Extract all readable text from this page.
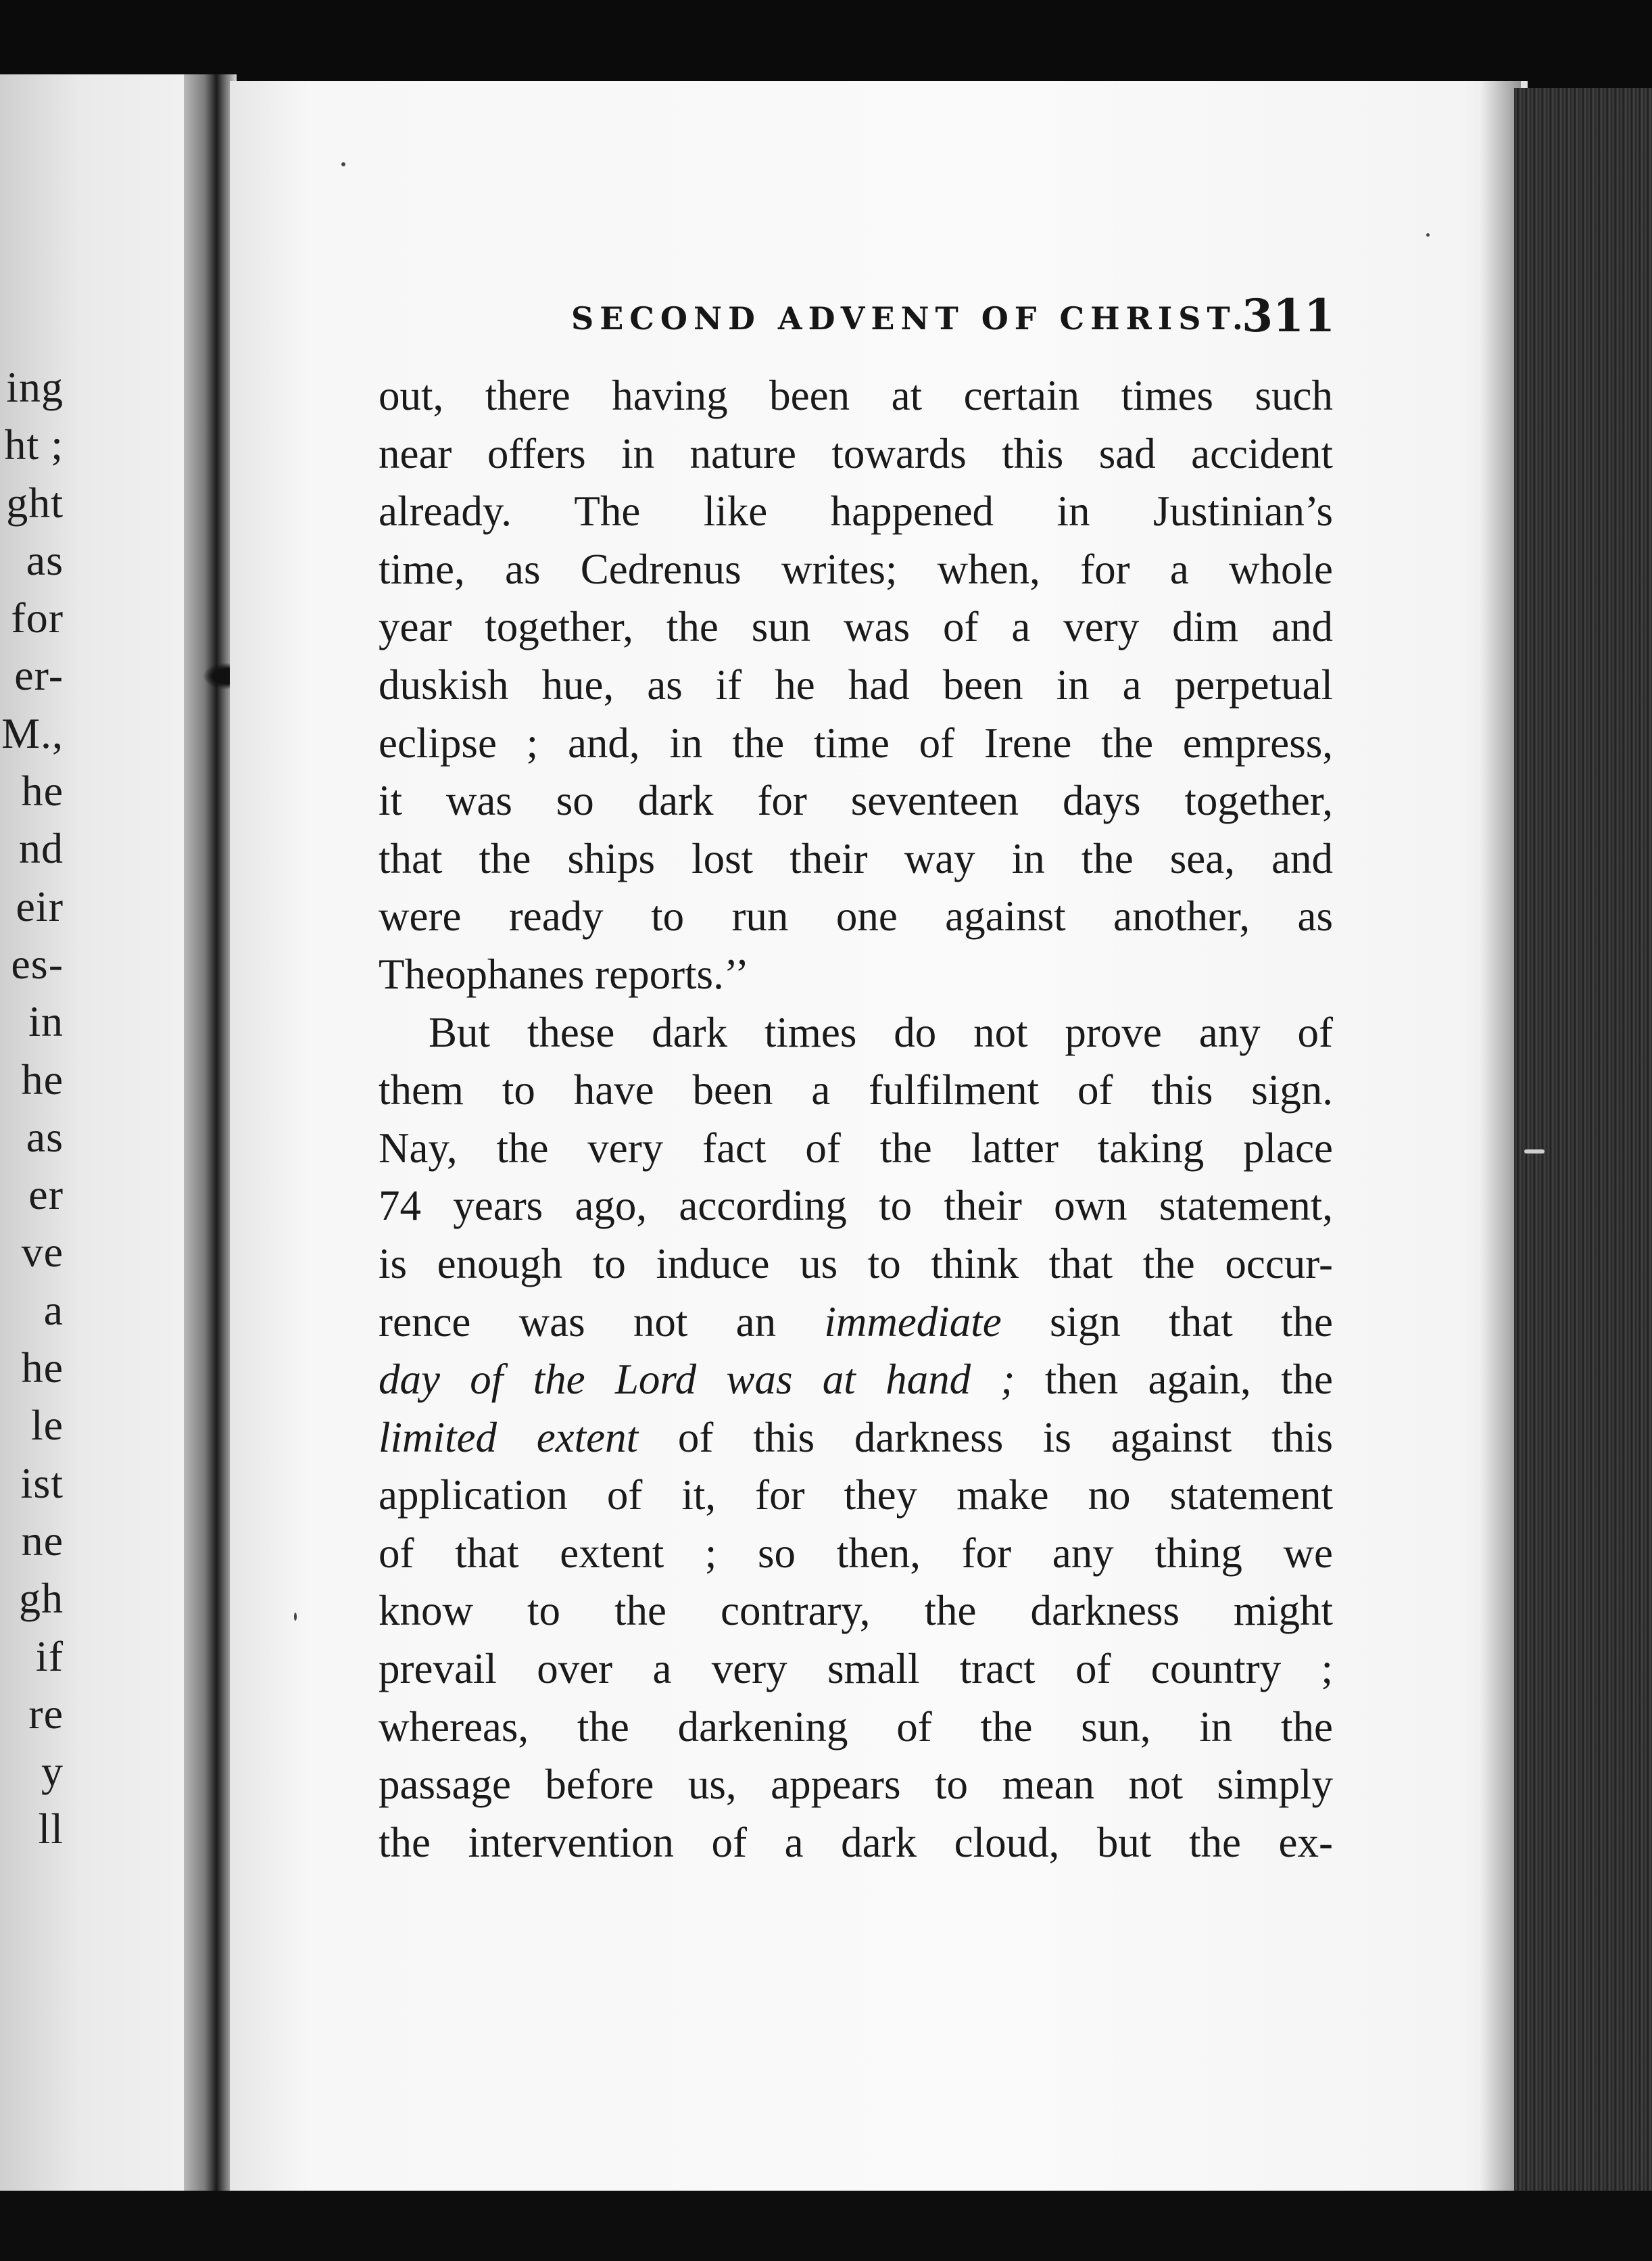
ing
ht ;
ght
as
for
er-
M.,
he
nd
eir
es-
in
he
as
er
ve
a
he
le
ist
ne
gh
if
re
y
ll
SECOND ADVENT OF CHRIST.
311
out, there having been at certain times such
near offers in nature towards this sad accident
already. The like happened in Justinian’s
time, as Cedrenus writes; when, for a whole
year together, the sun was of a very dim and
duskish hue, as if he had been in a perpetual
eclipse ; and, in the time of Irene the empress,
it was so dark for seventeen days together,
that the ships lost their way in the sea, and
were ready to run one against another, as
Theophanes reports.’’
But these dark times do not prove any of
them to have been a fulfilment of this sign.
Nay, the very fact of the latter taking place
74 years ago, according to their own statement,
is enough to induce us to think that the occur-
rence was not an immediate sign that the
day of the Lord was at hand ; then again, the
limited extent of this darkness is against this
application of it, for they make no statement
of that extent ; so then, for any thing we
know to the contrary, the darkness might
prevail over a very small tract of country ;
whereas, the darkening of the sun, in the
passage before us, appears to mean not simply
the intervention of a dark cloud, but the ex-
